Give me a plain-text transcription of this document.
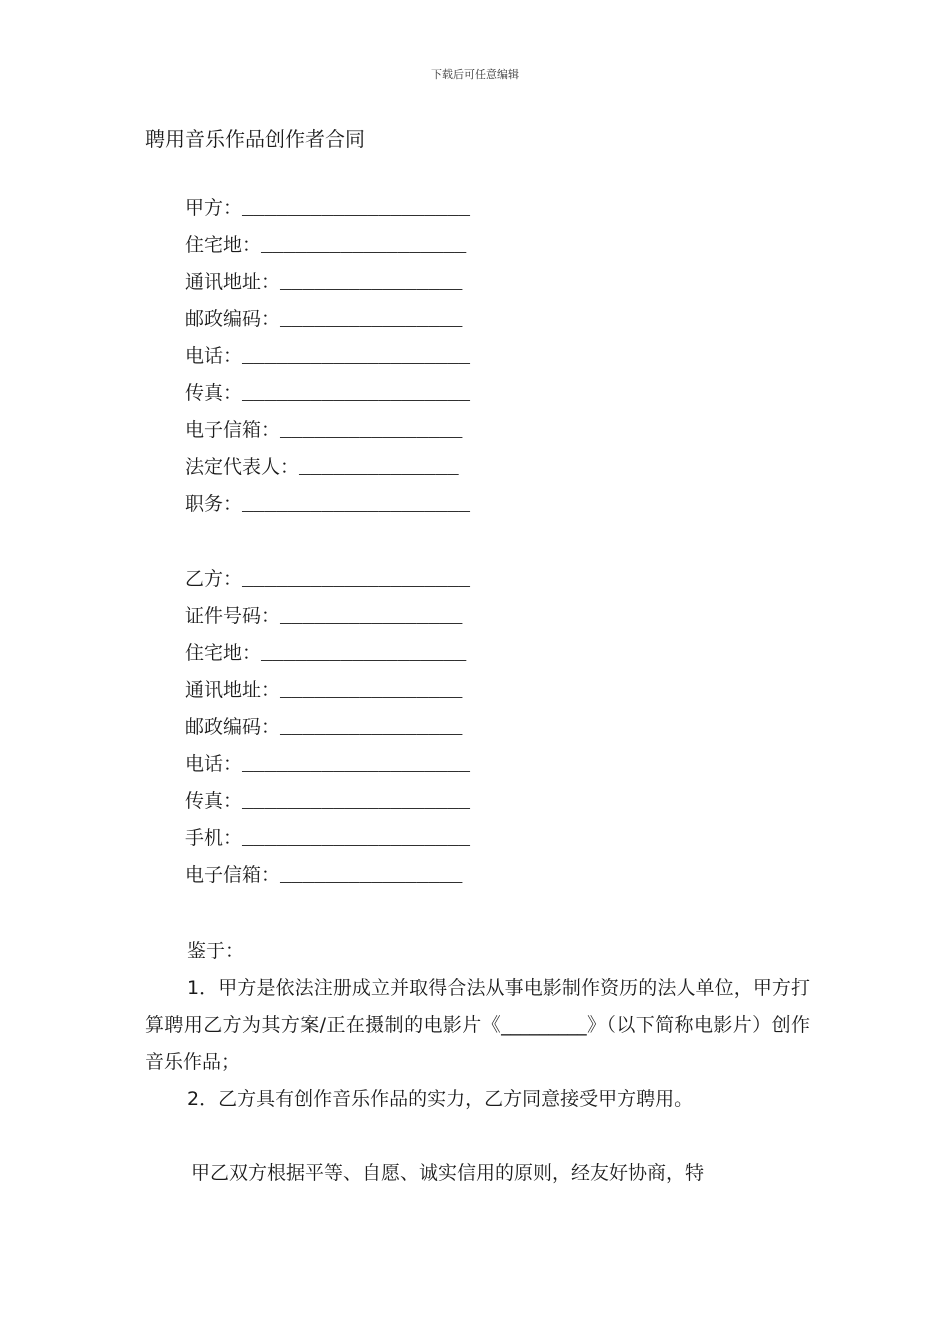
下载后可任意编辑
聘用音乐作品创作者合同
甲方：____________________
住宅地：__________________
通讯地址：________________
邮政编码：________________
电话：____________________
传真：____________________
电子信箱：________________
法定代表人：______________
职务：____________________
乙方：____________________
证件号码：________________
住宅地：__________________
通讯地址：________________
邮政编码：________________
电话：____________________
传真：____________________
手机：____________________
电子信箱：________________

鉴于：

1．甲方是依法注册成立并取得合法从事电影制作资历的法人单位，甲方打算聘用乙方为其方案/正在摄制的电影片《_________》（以下简称电影片）创作音乐作品；

2．乙方具有创作音乐作品的实力，乙方同意接受甲方聘用。

甲乙双方根据平等、自愿、诚实信用的原则，经友好协商，特
